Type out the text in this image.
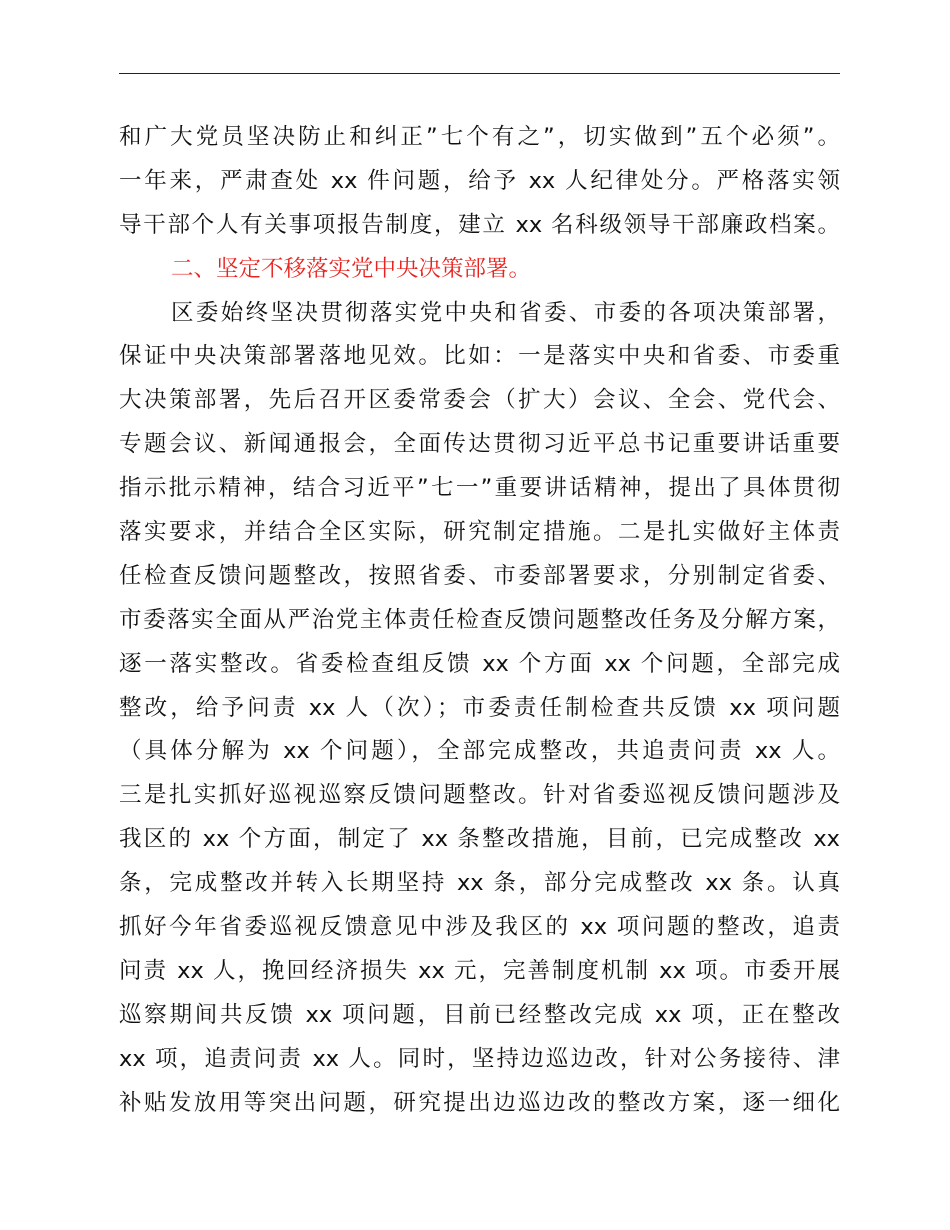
和广大党员坚决防止和纠正”七个有之”，切实做到”五个必须”。
一年来，严肃查处 xx 件问题，给予 xx 人纪律处分。严格落实领
导干部个人有关事项报告制度，建立 xx 名科级领导干部廉政档案。
二、坚定不移落实党中央决策部署。
区委始终坚决贯彻落实党中央和省委、市委的各项决策部署，
保证中央决策部署落地见效。比如：一是落实中央和省委、市委重
大决策部署，先后召开区委常委会（扩大）会议、全会、党代会、
专题会议、新闻通报会，全面传达贯彻习近平总书记重要讲话重要
指示批示精神，结合习近平”七一”重要讲话精神，提出了具体贯彻
落实要求，并结合全区实际，研究制定措施。二是扎实做好主体责
任检查反馈问题整改，按照省委、市委部署要求，分别制定省委、
市委落实全面从严治党主体责任检查反馈问题整改任务及分解方案，
逐一落实整改。省委检查组反馈 xx 个方面 xx 个问题，全部完成
整改，给予问责 xx 人（次）；市委责任制检查共反馈 xx 项问题
（具体分解为 xx 个问题），全部完成整改，共追责问责 xx 人。
三是扎实抓好巡视巡察反馈问题整改。针对省委巡视反馈问题涉及
我区的 xx 个方面，制定了 xx 条整改措施，目前，已完成整改 xx
条，完成整改并转入长期坚持 xx 条，部分完成整改 xx 条。认真
抓好今年省委巡视反馈意见中涉及我区的 xx 项问题的整改，追责
问责 xx 人，挽回经济损失 xx 元，完善制度机制 xx 项。市委开展
巡察期间共反馈 xx 项问题，目前已经整改完成 xx 项，正在整改
xx 项，追责问责 xx 人。同时，坚持边巡边改，针对公务接待、津
补贴发放用等突出问题，研究提出边巡边改的整改方案，逐一细化
